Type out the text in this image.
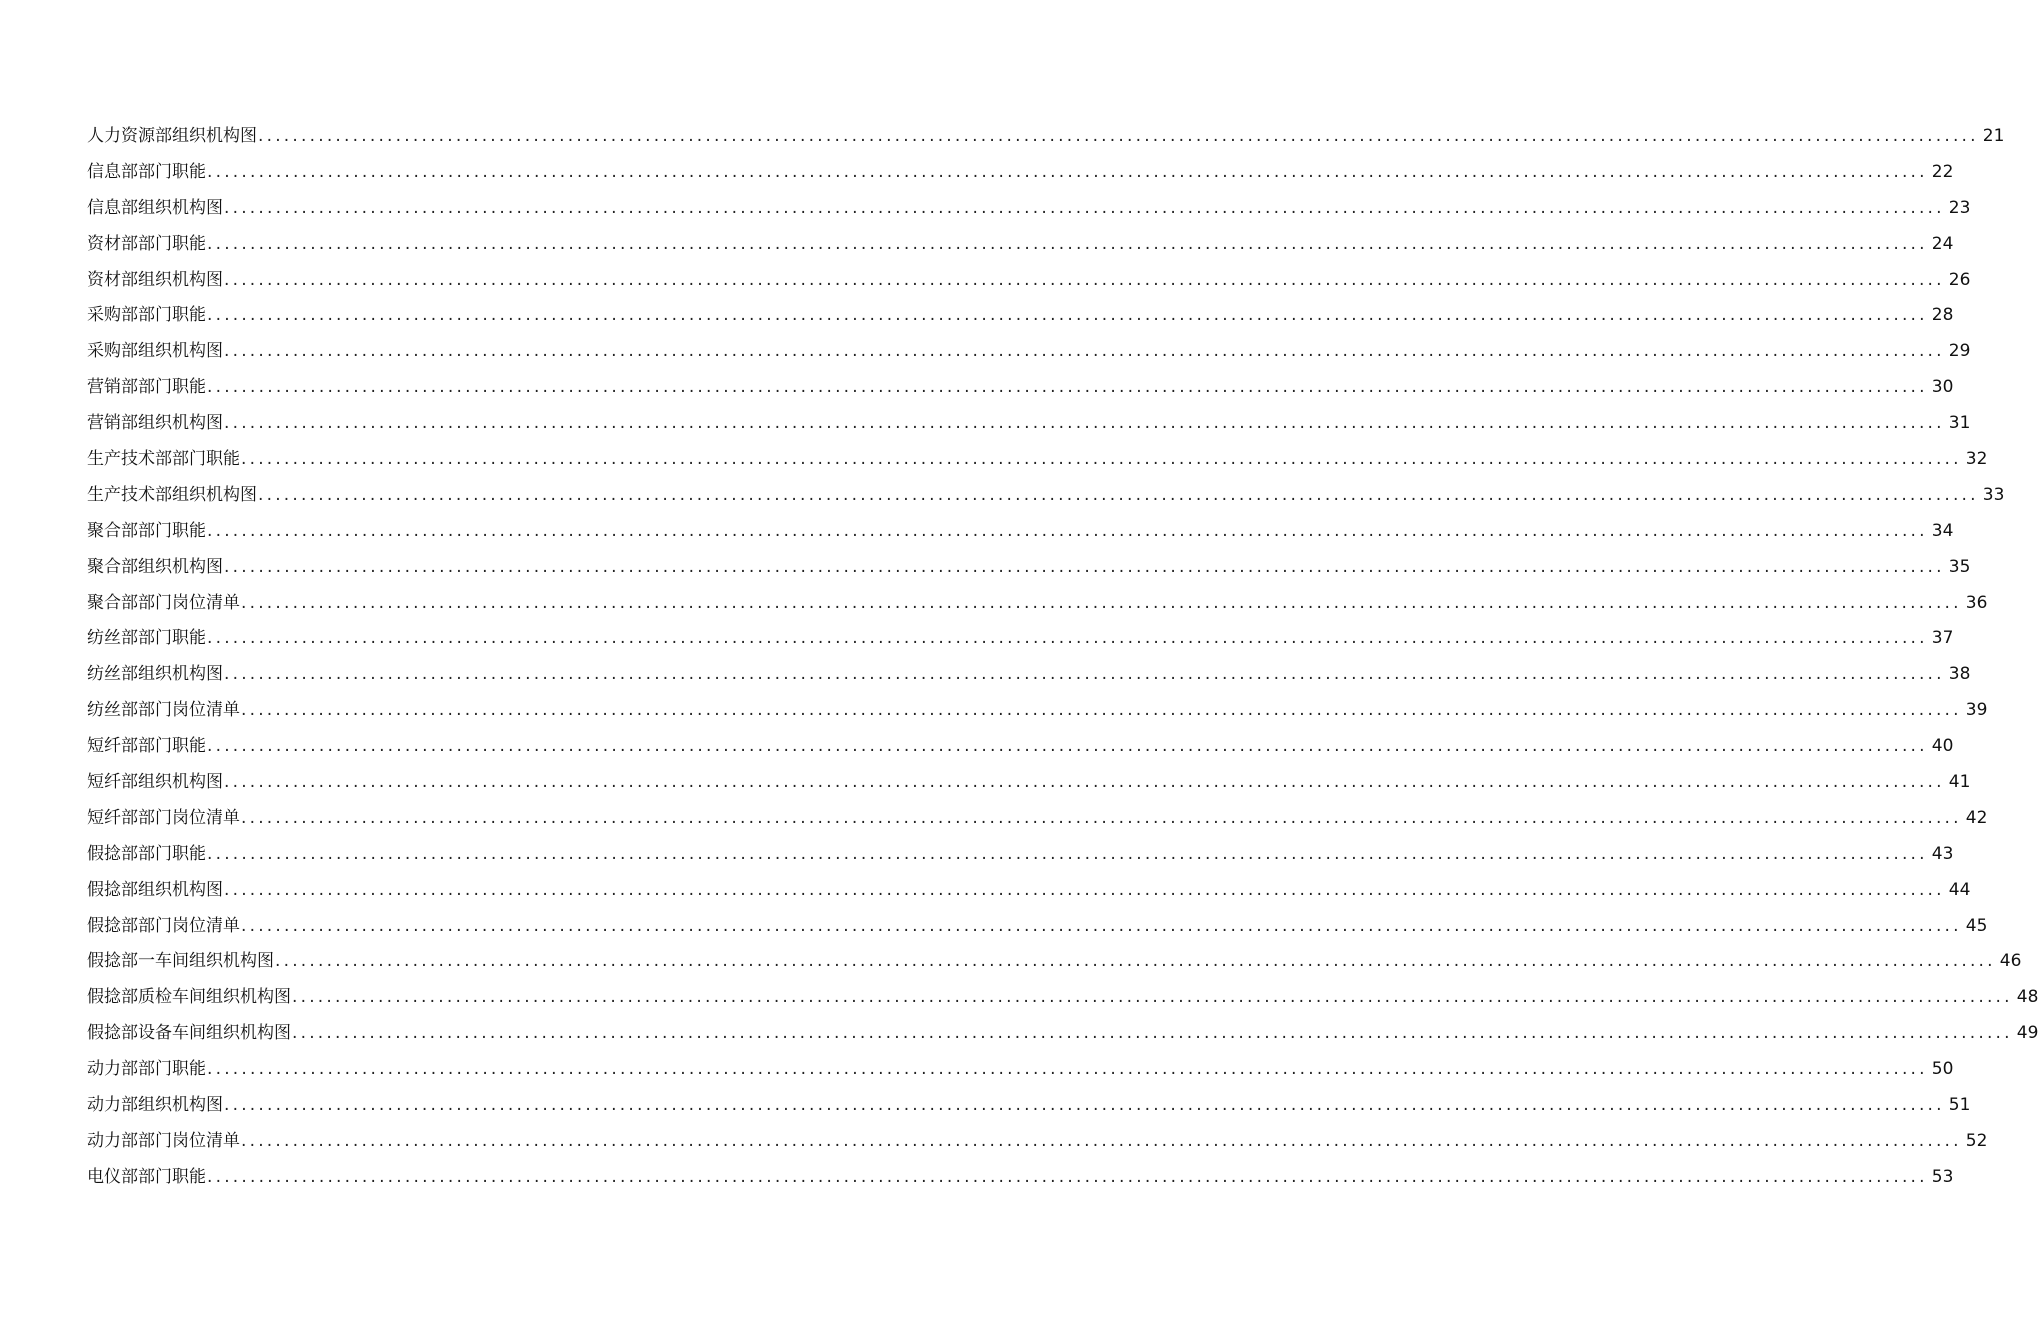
人力资源部组织机构图 ........................................................................................................................................................................................................ 21
信息部部门职能 ........................................................................................................................................................................................................ 22
信息部组织机构图 ........................................................................................................................................................................................................ 23
资材部部门职能 ........................................................................................................................................................................................................ 24
资材部组织机构图 ........................................................................................................................................................................................................ 26
采购部部门职能 ........................................................................................................................................................................................................ 28
采购部组织机构图 ........................................................................................................................................................................................................ 29
营销部部门职能 ........................................................................................................................................................................................................ 30
营销部组织机构图 ........................................................................................................................................................................................................ 31
生产技术部部门职能 ........................................................................................................................................................................................................ 32
生产技术部组织机构图 ........................................................................................................................................................................................................ 33
聚合部部门职能 ........................................................................................................................................................................................................ 34
聚合部组织机构图 ........................................................................................................................................................................................................ 35
聚合部部门岗位清单 ........................................................................................................................................................................................................ 36
纺丝部部门职能 ........................................................................................................................................................................................................ 37
纺丝部组织机构图 ........................................................................................................................................................................................................ 38
纺丝部部门岗位清单 ........................................................................................................................................................................................................ 39
短纤部部门职能 ........................................................................................................................................................................................................ 40
短纤部组织机构图 ........................................................................................................................................................................................................ 41
短纤部部门岗位清单 ........................................................................................................................................................................................................ 42
假捻部部门职能 ........................................................................................................................................................................................................ 43
假捻部组织机构图 ........................................................................................................................................................................................................ 44
假捻部部门岗位清单 ........................................................................................................................................................................................................ 45
假捻部一车间组织机构图 ........................................................................................................................................................................................................ 46
假捻部质检车间组织机构图 ........................................................................................................................................................................................................ 48
假捻部设备车间组织机构图 ........................................................................................................................................................................................................ 49
动力部部门职能 ........................................................................................................................................................................................................ 50
动力部组织机构图 ........................................................................................................................................................................................................ 51
动力部部门岗位清单 ........................................................................................................................................................................................................ 52
电仪部部门职能 ........................................................................................................................................................................................................ 53
